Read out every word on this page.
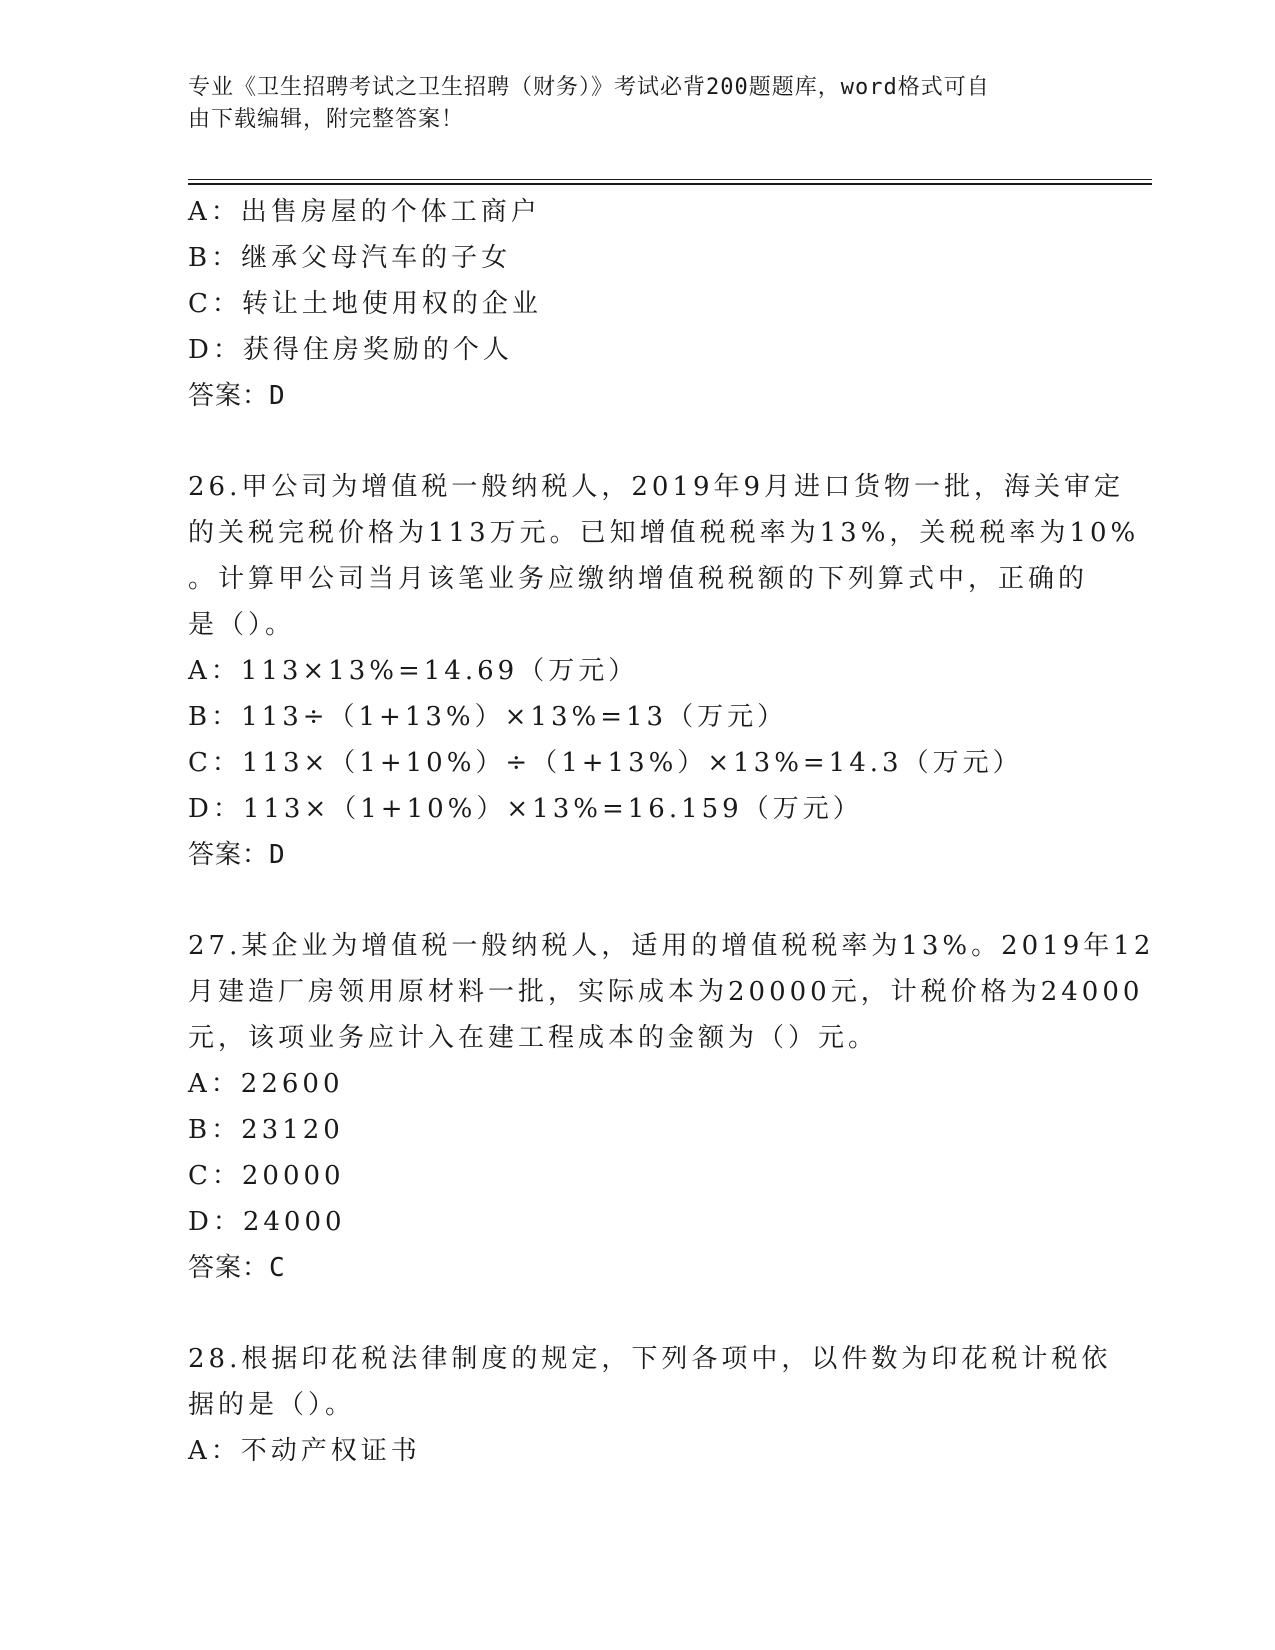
专业《卫生招聘考试之卫生招聘（财务）》考试必背200题题库，word格式可自
由下载编辑，附完整答案！
A：出售房屋的个体工商户
B：继承父母汽车的子女
C：转让土地使用权的企业
D：获得住房奖励的个人
答案：D
26.甲公司为增值税一般纳税人，2019年9月进口货物一批，海关审定
的关税完税价格为113万元。已知增值税税率为13%，关税税率为10%
。计算甲公司当月该笔业务应缴纳增值税税额的下列算式中，正确的
是（）。
A：113×13%=14.69（万元）
B：113÷（1+13%）×13%=13（万元）
C：113×（1+10%）÷（1+13%）×13%=14.3（万元）
D：113×（1+10%）×13%=16.159（万元）
答案：D
27.某企业为增值税一般纳税人，适用的增值税税率为13%。2019年12
月建造厂房领用原材料一批，实际成本为20000元，计税价格为24000
元，该项业务应计入在建工程成本的金额为（）元。
A：22600
B：23120
C：20000
D：24000
答案：C
28.根据印花税法律制度的规定，下列各项中，以件数为印花税计税依
据的是（）。
A：不动产权证书
